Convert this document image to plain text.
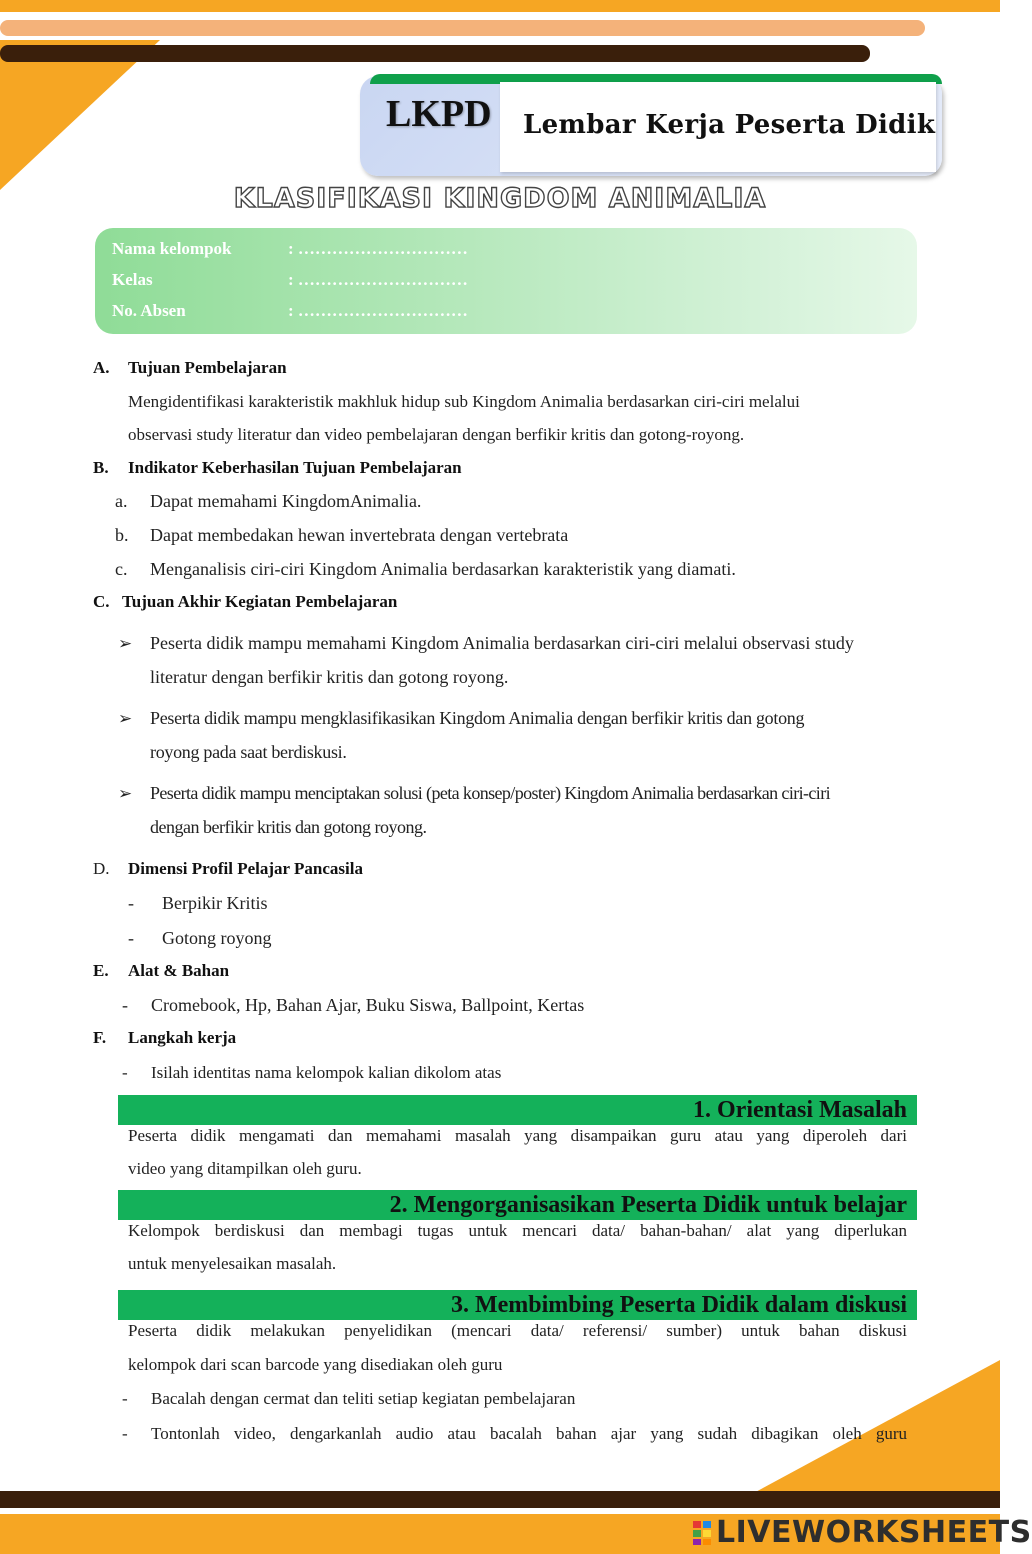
LKPD Lembar Kerja Peserta Didik
KLASIFIKASI KINGDOM ANIMALIA
Nama kelompok	: …………………………
Kelas	: …………………………
No. Absen	: …………………………
A. Tujuan Pembelajaran
Mengidentifikasi karakteristik makhluk hidup sub Kingdom Animalia berdasarkan ciri-ciri melalui
observasi study literatur dan video pembelajaran dengan berfikir kritis dan gotong-royong.
B. Indikator Keberhasilan Tujuan Pembelajaran
a. Dapat memahami KingdomAnimalia.
b. Dapat membedakan hewan invertebrata dengan vertebrata
c. Menganalisis ciri-ciri Kingdom Animalia berdasarkan karakteristik yang diamati.
C. Tujuan Akhir Kegiatan Pembelajaran
➢ Peserta didik mampu memahami Kingdom Animalia berdasarkan ciri-ciri melalui observasi study
literatur dengan berfikir kritis dan gotong royong.
➢ Peserta didik mampu mengklasifikasikan Kingdom Animalia dengan berfikir kritis dan gotong
royong pada saat berdiskusi.
➢ Peserta didik mampu menciptakan solusi (peta konsep/poster) Kingdom Animalia berdasarkan ciri-ciri
dengan berfikir kritis dan gotong royong.
D. Dimensi Profil Pelajar Pancasila
- Berpikir Kritis
- Gotong royong
E. Alat & Bahan
- Cromebook, Hp, Bahan Ajar, Buku Siswa, Ballpoint, Kertas
F. Langkah kerja
- Isilah identitas nama kelompok kalian dikolom atas
1. Orientasi Masalah
Peserta didik mengamati dan memahami masalah yang disampaikan guru atau yang diperoleh dari
video yang ditampilkan oleh guru.
2. Mengorganisasikan Peserta Didik untuk belajar
Kelompok berdiskusi dan membagi tugas untuk mencari data/ bahan-bahan/ alat yang diperlukan
untuk menyelesaikan masalah.
3. Membimbing Peserta Didik dalam diskusi
Peserta didik melakukan penyelidikan (mencari data/ referensi/ sumber) untuk bahan diskusi
kelompok dari scan barcode yang disediakan oleh guru
- Bacalah dengan cermat dan teliti setiap kegiatan pembelajaran
- Tontonlah video, dengarkanlah audio atau bacalah bahan ajar yang sudah dibagikan oleh guru
LIVEWORKSHEETS
